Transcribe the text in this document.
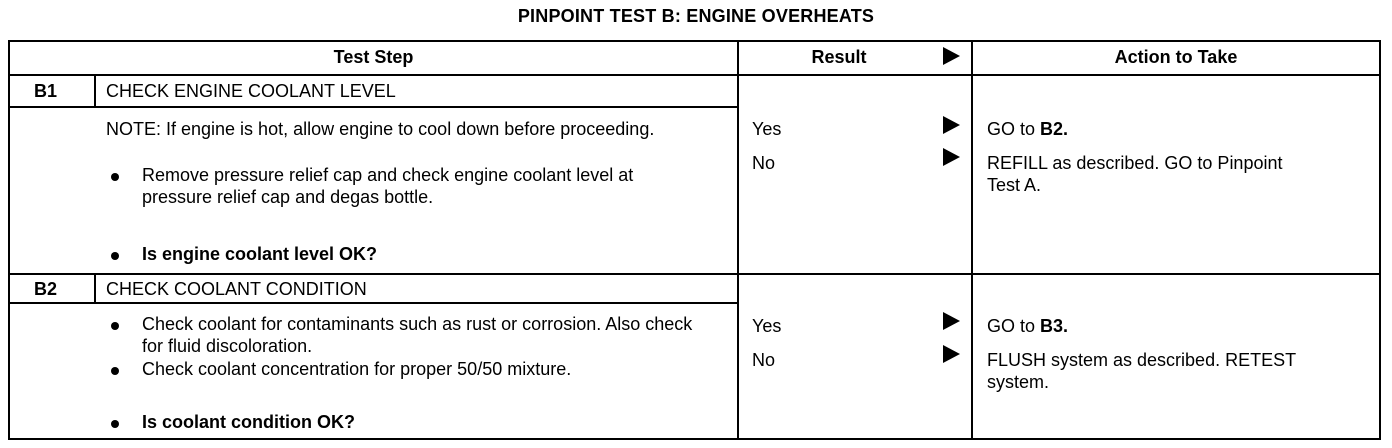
PINPOINT TEST B: ENGINE OVERHEATS
Test Step	Result	Action to Take
B1	CHECK ENGINE COOLANT LEVEL
NOTE: If engine is hot, allow engine to cool down before proceeding.
Remove pressure relief cap and check engine coolant level at pressure relief cap and degas bottle.
Is engine coolant level OK?
Yes	GO to B2.
No	REFILL as described. GO to Pinpoint Test A.
B2	CHECK COOLANT CONDITION
Check coolant for contaminants such as rust or corrosion. Also check for fluid discoloration.
Check coolant concentration for proper 50/50 mixture.
Is coolant condition OK?
Yes	GO to B3.
No	FLUSH system as described. RETEST system.
